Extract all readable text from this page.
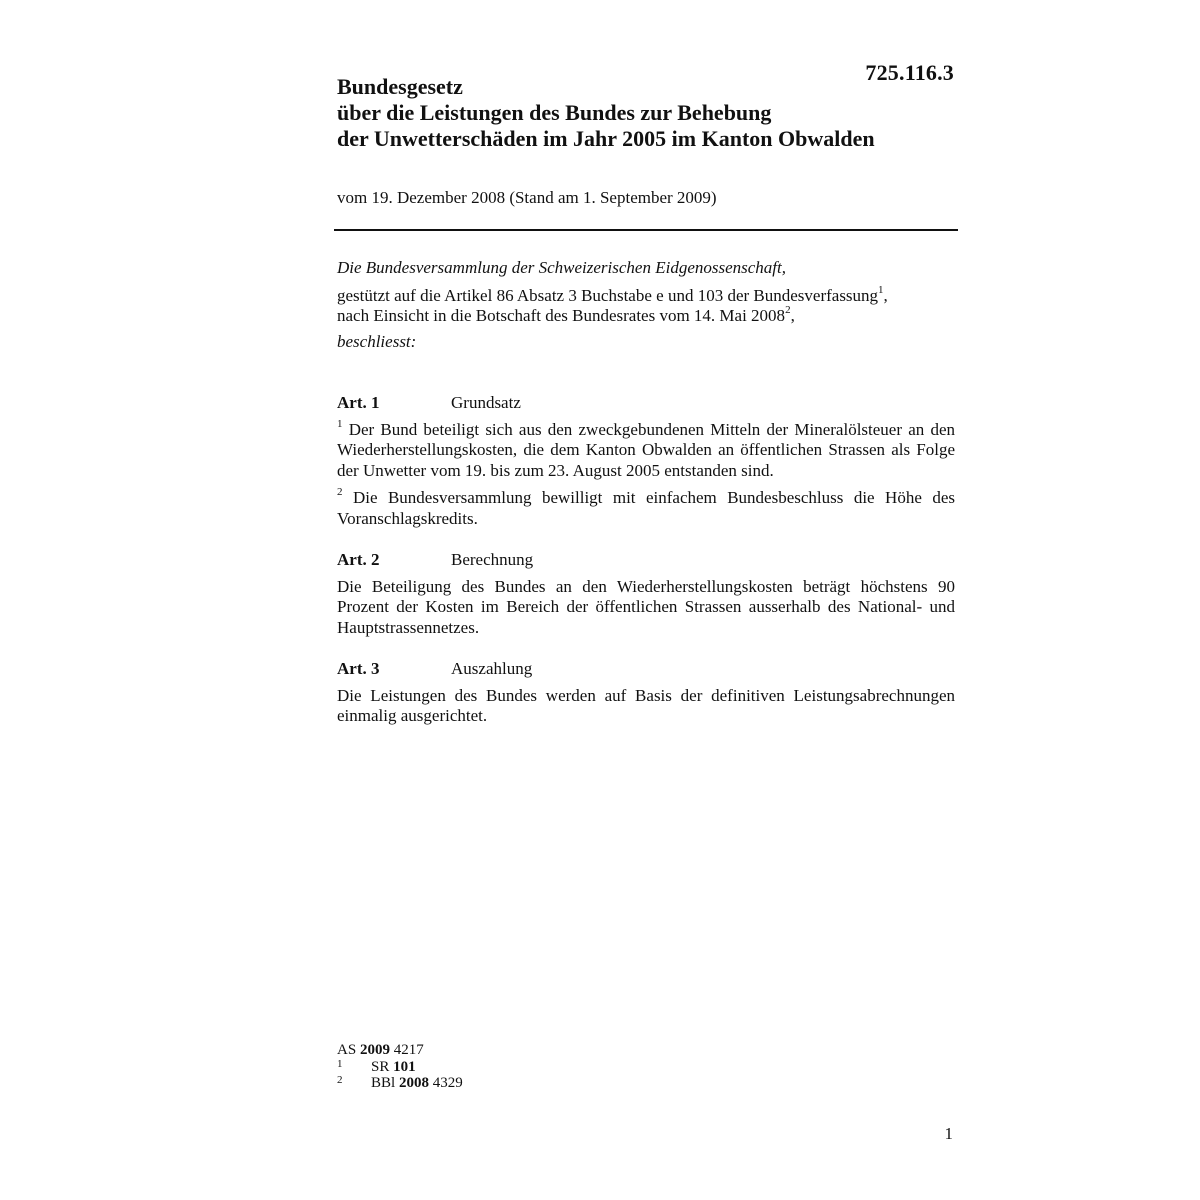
725.116.3
Bundesgesetz
über die Leistungen des Bundes zur Behebung
der Unwetterschäden im Jahr 2005 im Kanton Obwalden
vom 19. Dezember 2008 (Stand am 1. September 2009)
Die Bundesversammlung der Schweizerischen Eidgenossenschaft,
gestützt auf die Artikel 86 Absatz 3 Buchstabe e und 103 der Bundesverfassung$^1$,
nach Einsicht in die Botschaft des Bundesrates vom 14. Mai 2008$^2$,
beschliesst:
Art. 1	Grundsatz
$^1$ Der Bund beteiligt sich aus den zweckgebundenen Mitteln der Mineralölsteuer an den Wiederherstellungskosten, die dem Kanton Obwalden an öffentlichen Strassen als Folge der Unwetter vom 19. bis zum 23. August 2005 entstanden sind.
$^2$ Die Bundesversammlung bewilligt mit einfachem Bundesbeschluss die Höhe des Voranschlagskredits.
Art. 2	Berechnung
Die Beteiligung des Bundes an den Wiederherstellungskosten beträgt höchstens 90 Prozent der Kosten im Bereich der öffentlichen Strassen ausserhalb des National- und Hauptstrassennetzes.
Art. 3	Auszahlung
Die Leistungen des Bundes werden auf Basis der definitiven Leistungsabrechnungen einmalig ausgerichtet.
AS 2009 4217
1	SR 101
2	BBl 2008 4329
1
